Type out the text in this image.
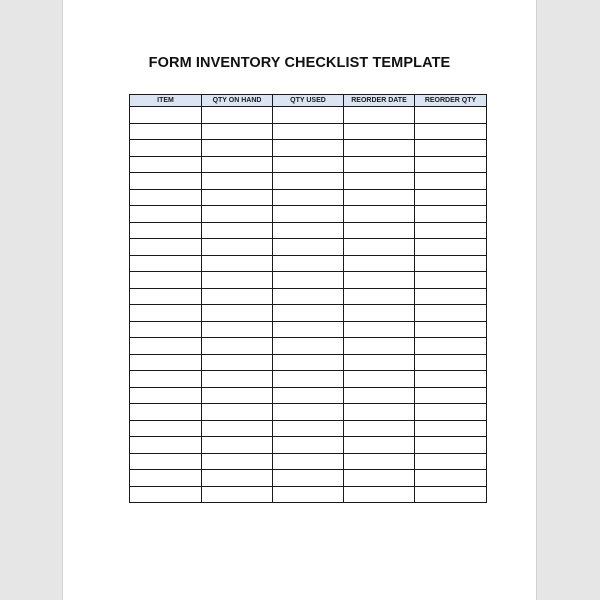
FORM INVENTORY CHECKLIST TEMPLATE
ITEM	QTY ON HAND	QTY USED	REORDER DATE	REORDER QTY
